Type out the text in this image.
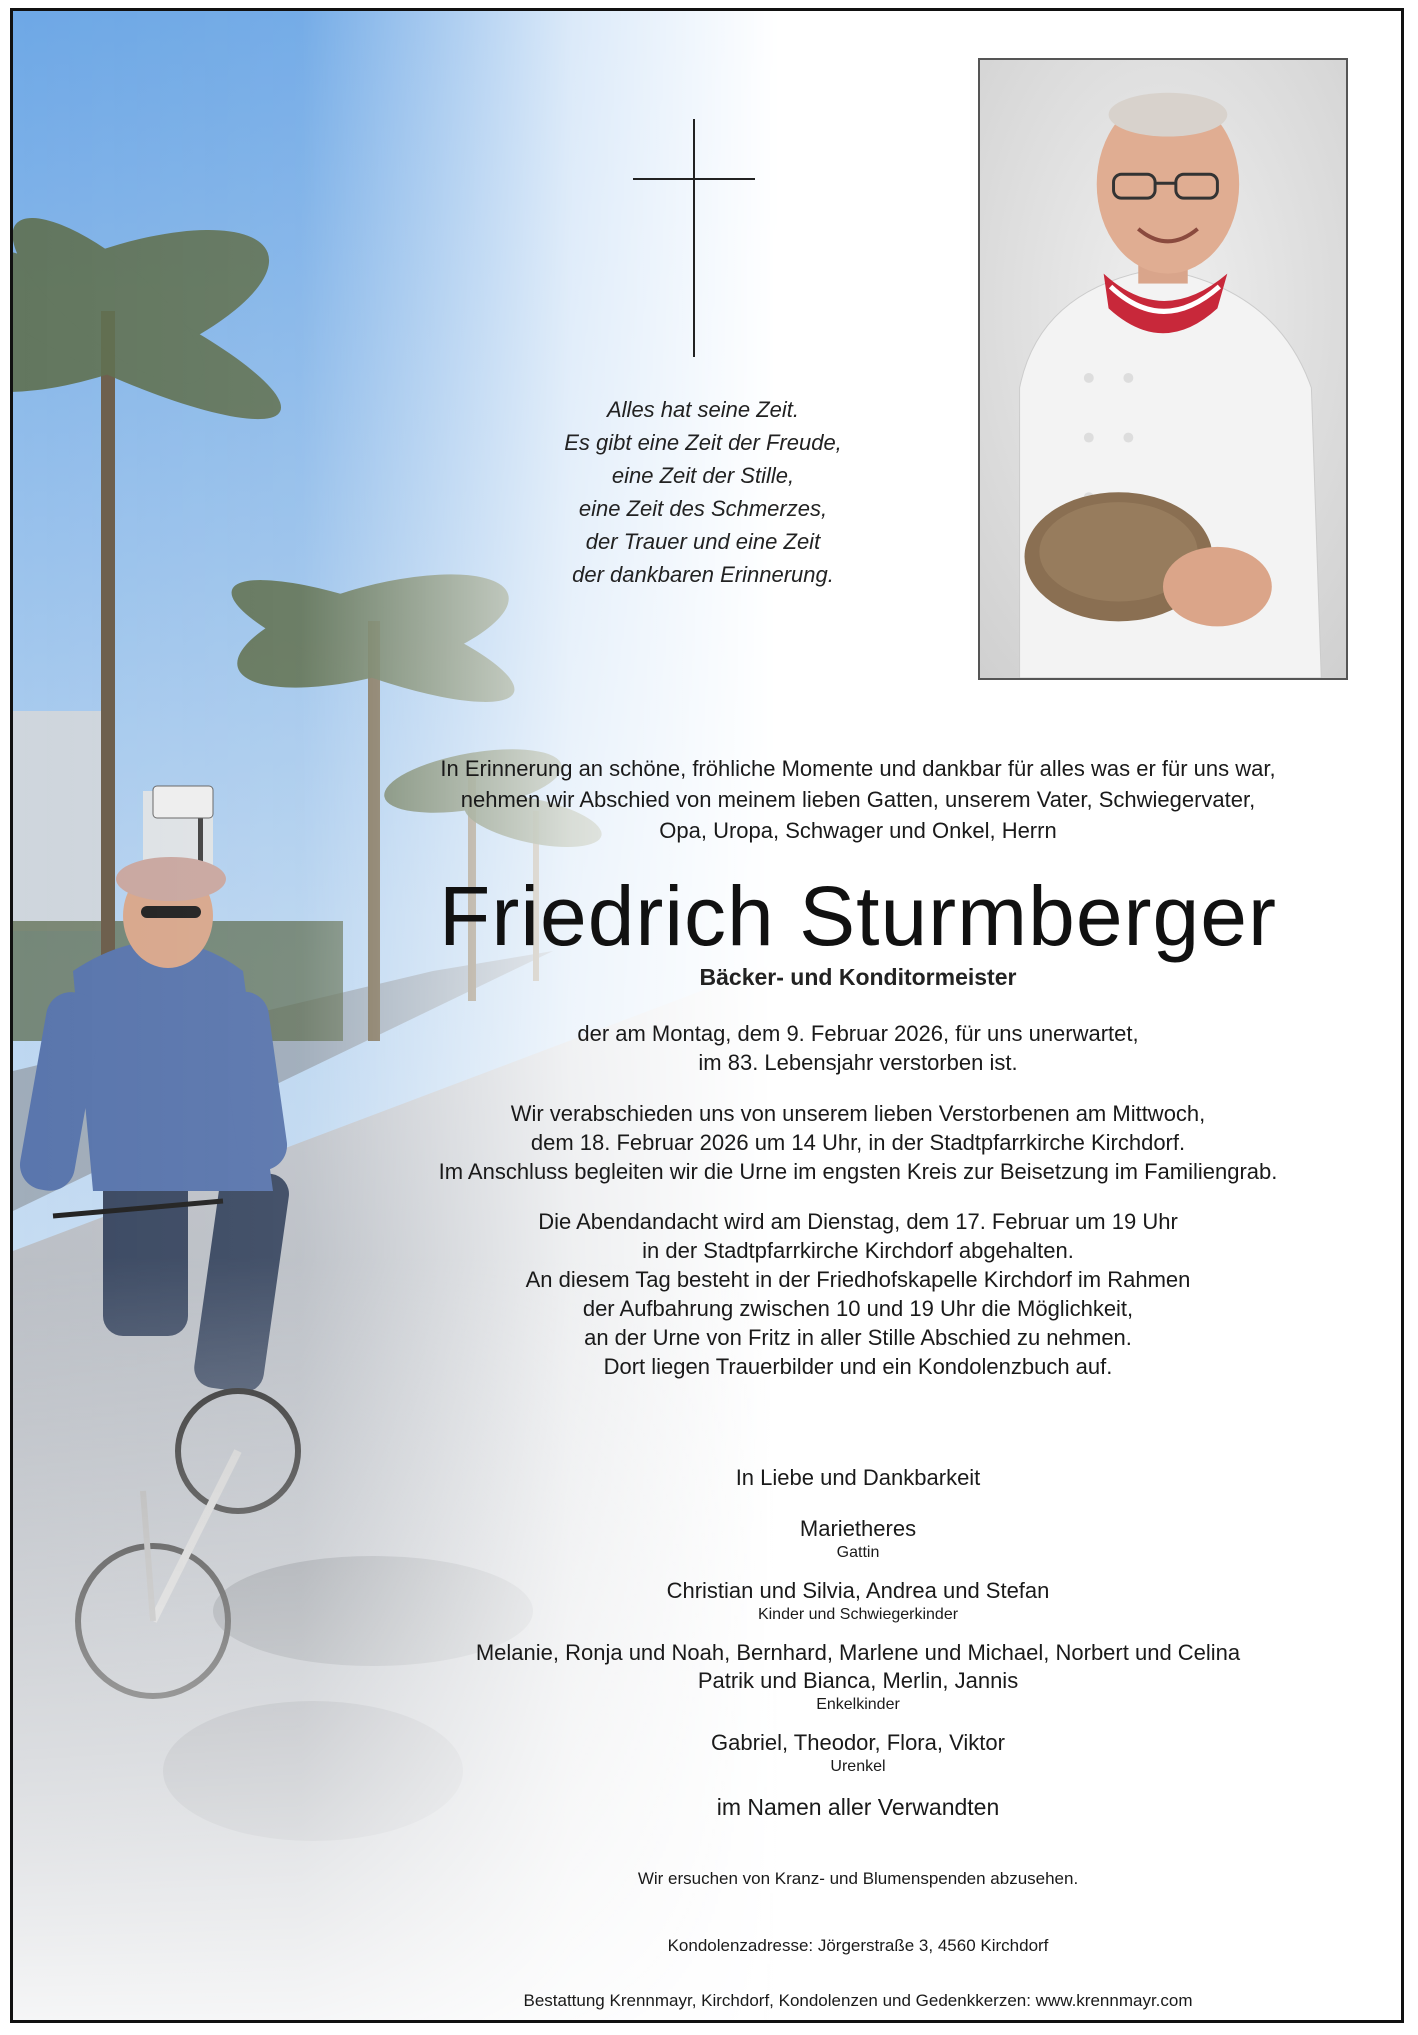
Alles hat seine Zeit.
Es gibt eine Zeit der Freude,
eine Zeit der Stille,
eine Zeit des Schmerzes,
der Trauer und eine Zeit
der dankbaren Erinnerung.
In Erinnerung an schöne, fröhliche Momente und dankbar für alles was er für uns war,
nehmen wir Abschied von meinem lieben Gatten, unserem Vater, Schwiegervater,
Opa, Uropa, Schwager und Onkel, Herrn
Friedrich Sturmberger
Bäcker- und Konditormeister
der am Montag, dem 9. Februar 2026, für uns unerwartet,
im 83. Lebensjahr verstorben ist.
Wir verabschieden uns von unserem lieben Verstorbenen am Mittwoch,
dem 18. Februar 2026 um 14 Uhr, in der Stadtpfarrkirche Kirchdorf.
Im Anschluss begleiten wir die Urne im engsten Kreis zur Beisetzung im Familiengrab.
Die Abendandacht wird am Dienstag, dem 17. Februar um 19 Uhr
in der Stadtpfarrkirche Kirchdorf abgehalten.
An diesem Tag besteht in der Friedhofskapelle Kirchdorf im Rahmen
der Aufbahrung zwischen 10 und 19 Uhr die Möglichkeit,
an der Urne von Fritz in aller Stille Abschied zu nehmen.
Dort liegen Trauerbilder und ein Kondolenzbuch auf.
In Liebe und Dankbarkeit
Marietheres
Gattin
Christian und Silvia, Andrea und Stefan
Kinder und Schwiegerkinder
Melanie, Ronja und Noah, Bernhard, Marlene und Michael, Norbert und Celina
Patrik und Bianca, Merlin, Jannis
Enkelkinder
Gabriel, Theodor, Flora, Viktor
Urenkel
im Namen aller Verwandten
Wir ersuchen von Kranz- und Blumenspenden abzusehen.
Kondolenzadresse: Jörgerstraße 3, 4560 Kirchdorf
Bestattung Krennmayr, Kirchdorf, Kondolenzen und Gedenkkerzen: www.krennmayr.com
